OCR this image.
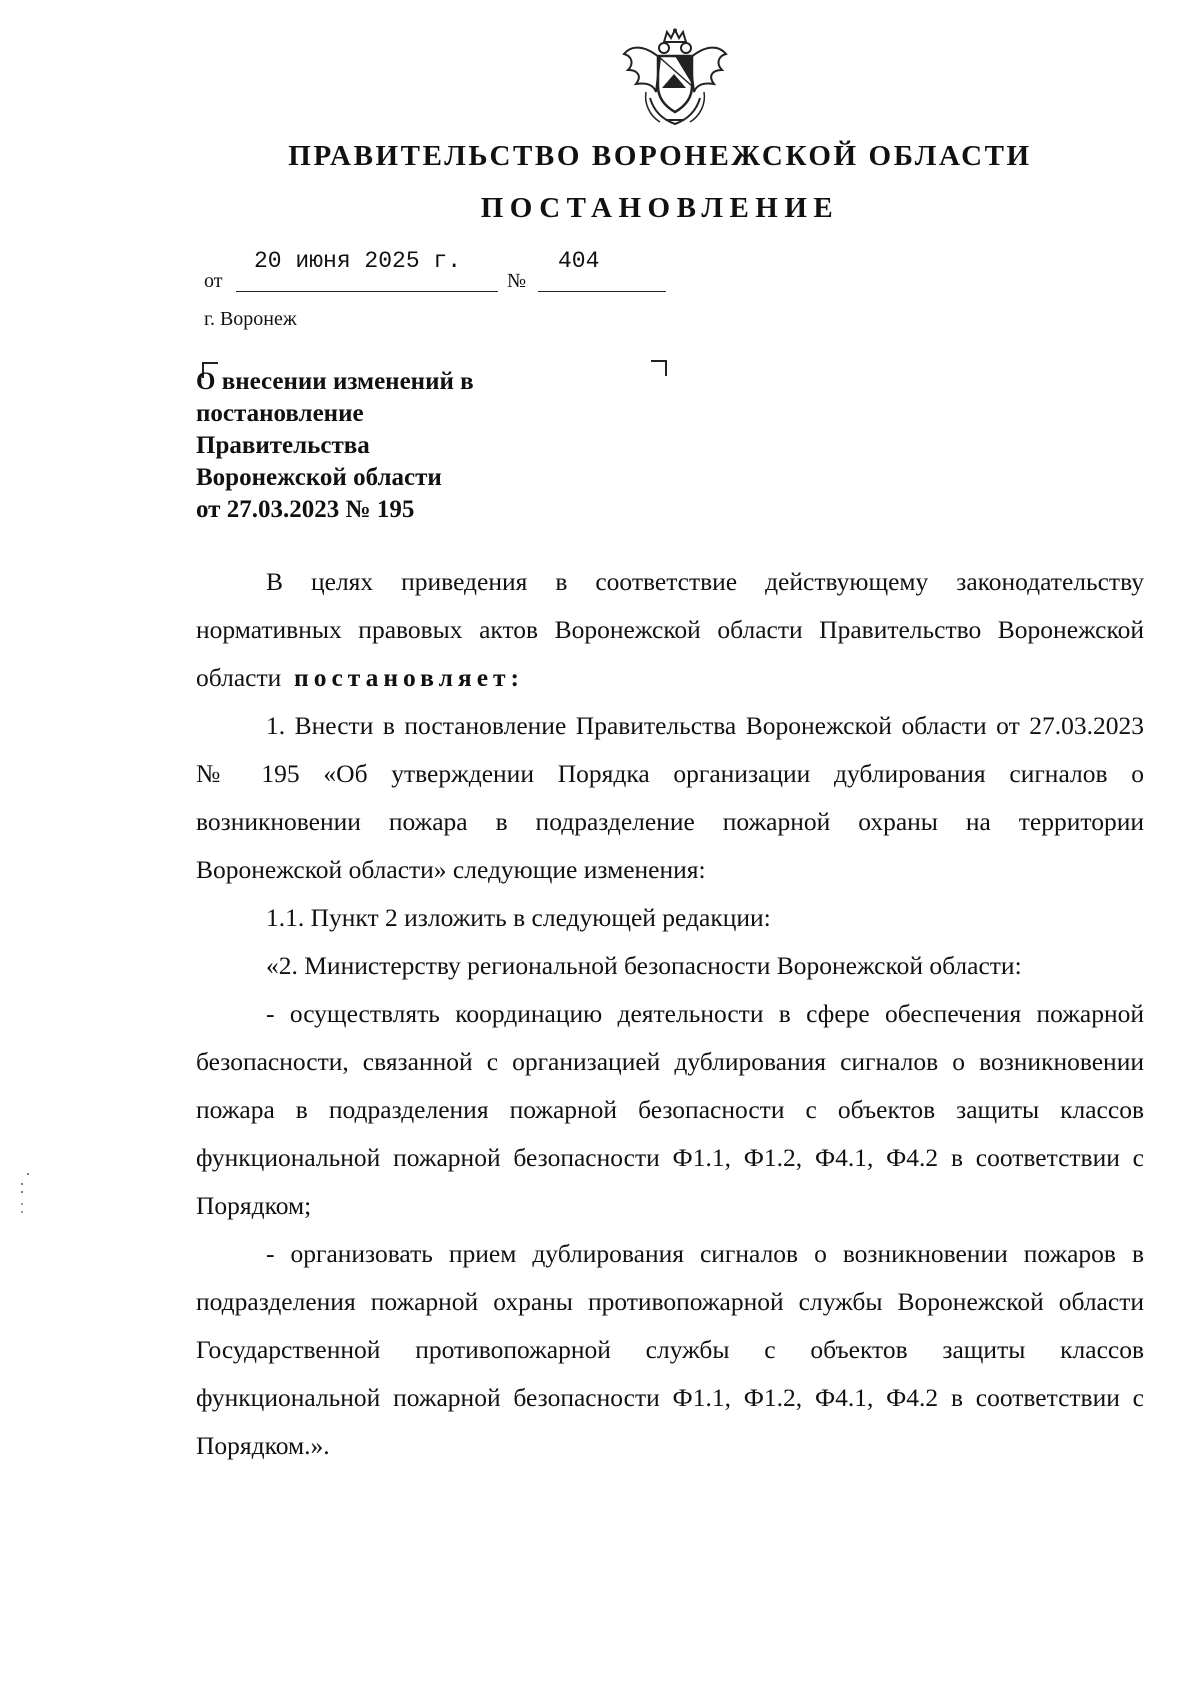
ПРАВИТЕЛЬСТВО ВОРОНЕЖСКОЙ ОБЛАСТИ
ПОСТАНОВЛЕНИЕ
от
20 июня 2025 г.
№
404
г. Воронеж
О внесении изменений в
постановление
Правительства
Воронежской области
от 27.03.2023 № 195

В целях приведения в соответствие действующему законодательству нормативных правовых актов Воронежской области Правительство Воронежской области постановляет:

1. Внести в постановление Правительства Воронежской области от 27.03.2023 № 195 «Об утверждении Порядка организации дублирования сигналов о возникновении пожара в подразделение пожарной охраны на территории Воронежской области» следующие изменения:

1.1. Пункт 2 изложить в следующей редакции:

«2. Министерству региональной безопасности Воронежской области:

- осуществлять координацию деятельности в сфере обеспечения пожарной безопасности, связанной с организацией дублирования сигналов о возникновении пожара в подразделения пожарной безопасности с объектов защиты классов функциональной пожарной безопасности Ф1.1, Ф1.2, Ф4.1, Ф4.2 в соответствии с Порядком;

- организовать прием дублирования сигналов о возникновении пожаров в подразделения пожарной охраны противопожарной службы Воронежской области Государственной противопожарной службы с объектов защиты классов функциональной пожарной безопасности Ф1.1, Ф1.2, Ф4.1, Ф4.2 в соответствии с Порядком.».
